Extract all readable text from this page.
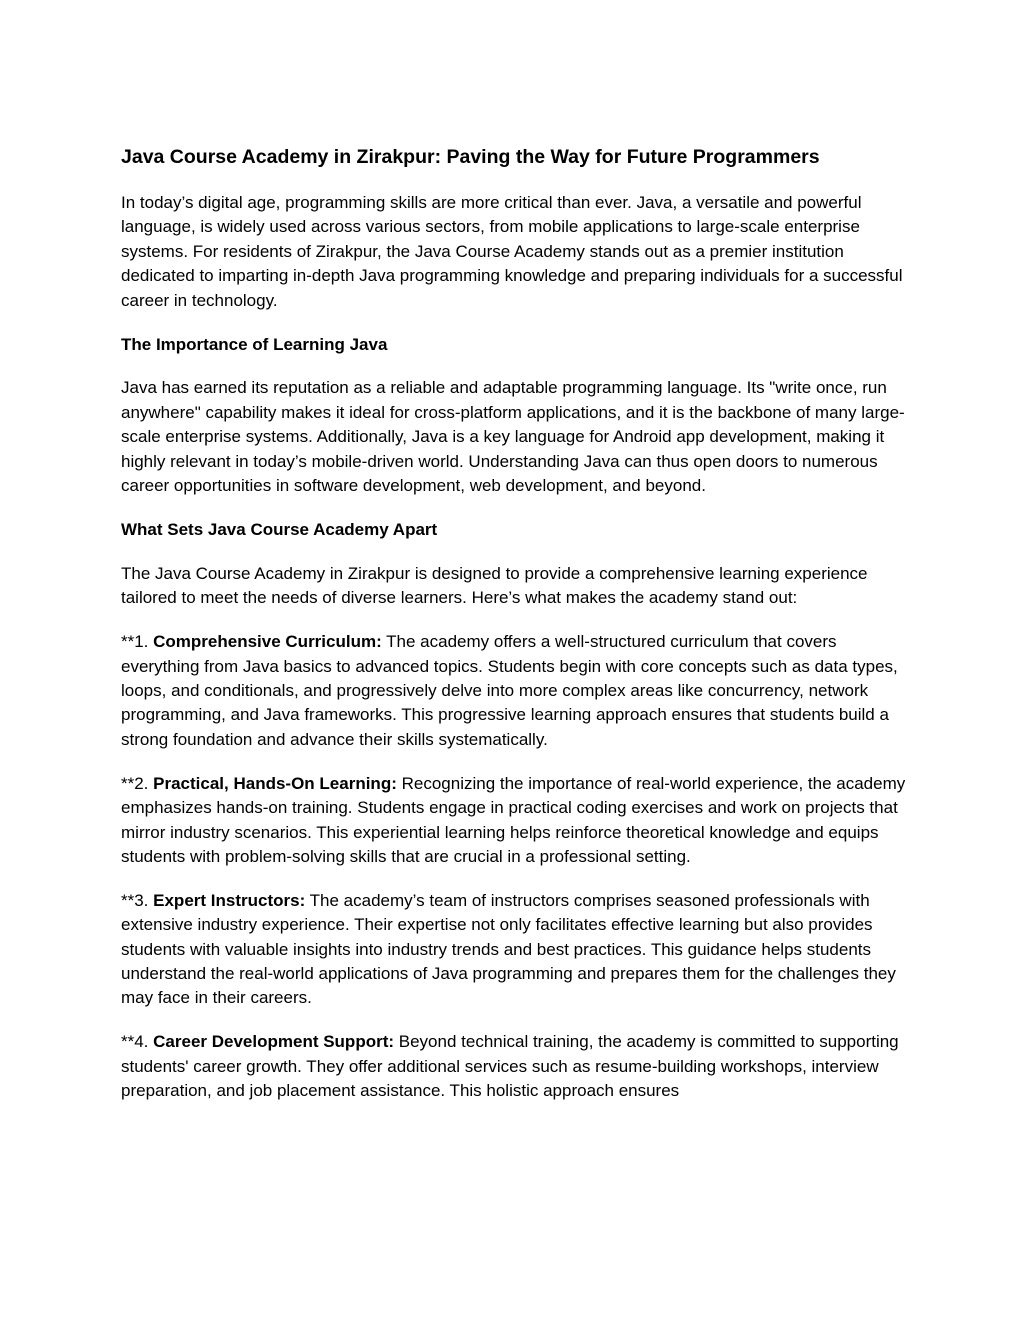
Java Course Academy in Zirakpur: Paving the Way for Future Programmers

In today’s digital age, programming skills are more critical than ever. Java, a versatile and powerful language, is widely used across various sectors, from mobile applications to large-scale enterprise systems. For residents of Zirakpur, the Java Course Academy stands out as a premier institution dedicated to imparting in-depth Java programming knowledge and preparing individuals for a successful career in technology.

The Importance of Learning Java

Java has earned its reputation as a reliable and adaptable programming language. Its "write once, run anywhere" capability makes it ideal for cross-platform applications, and it is the backbone of many large-scale enterprise systems. Additionally, Java is a key language for Android app development, making it highly relevant in today’s mobile-driven world. Understanding Java can thus open doors to numerous career opportunities in software development, web development, and beyond.

What Sets Java Course Academy Apart

The Java Course Academy in Zirakpur is designed to provide a comprehensive learning experience tailored to meet the needs of diverse learners. Here’s what makes the academy stand out:

**1. Comprehensive Curriculum: The academy offers a well-structured curriculum that covers everything from Java basics to advanced topics. Students begin with core concepts such as data types, loops, and conditionals, and progressively delve into more complex areas like concurrency, network programming, and Java frameworks. This progressive learning approach ensures that students build a strong foundation and advance their skills systematically.

**2. Practical, Hands-On Learning: Recognizing the importance of real-world experience, the academy emphasizes hands-on training. Students engage in practical coding exercises and work on projects that mirror industry scenarios. This experiential learning helps reinforce theoretical knowledge and equips students with problem-solving skills that are crucial in a professional setting.

**3. Expert Instructors: The academy’s team of instructors comprises seasoned professionals with extensive industry experience. Their expertise not only facilitates effective learning but also provides students with valuable insights into industry trends and best practices. This guidance helps students understand the real-world applications of Java programming and prepares them for the challenges they may face in their careers.

**4. Career Development Support: Beyond technical training, the academy is committed to supporting students' career growth. They offer additional services such as resume-building workshops, interview preparation, and job placement assistance. This holistic approach ensures
